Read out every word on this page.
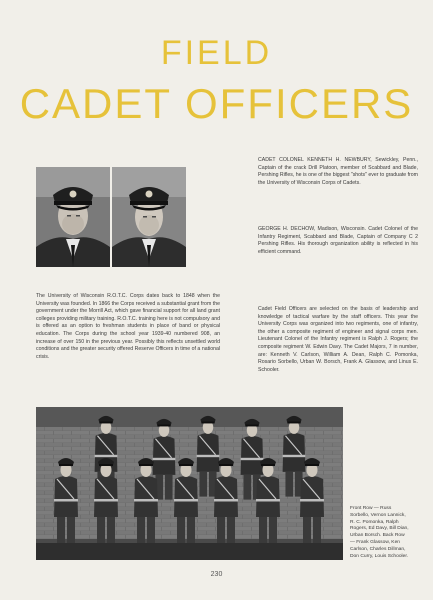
FIELD
CADET OFFICERS

CADET COLONEL KENNETH H. NEWBURY, Sewickley, Penn., Captain of the crack Drill Platoon, member of Scabbard and Blade, Pershing Rifles, he is one of the biggest "shots" ever to graduate from the University of Wisconsin Corps of Cadets.

GEORGE H. DECHOW, Madison, Wisconsin. Cadet Colonel of the Infantry Regiment, Scabbard and Blade, Captain of Company C 2 Pershing Rifles. His thorough organization ability is reflected in his efficient command.

The University of Wisconsin R.O.T.C. Corps dates back to 1848 when the University was founded. In 1866 the Corps received a substantial grant from the government under the Morrill Act, which gave financial support for all land grant colleges providing military training. R.O.T.C. training here is not compulsory and is offered as an option to freshman students in place of band or physical education. The Corps during the school year 1939-40 numbered 908, an increase of over 150 in the previous year. Possibly this reflects unsettled world conditions and the greater security offered Reserve Officers in time of a national crisis.

Cadet Field Officers are selected on the basis of leadership and knowledge of tactical warfare by the staff officers. This year the University Corps was organized into two regiments, one of infantry, the other a composite regiment of engineer and signal corps men. Lieutenant Colonel of the Infantry regiment is Ralph J. Rogers; the composite regiment W. Edwin Davy. The Cadet Majors, 7 in number, are: Kenneth V. Carlson, William A. Dean, Ralph C. Pomonka, Rosario Sorbello, Urban W. Borsch, Frank A. Glassow, and Linus E. Schooler.

Front Row — Russ Sorbello, Vernon Lannick, R. C. Pomonka, Ralph Rogers, Ed Davy, Bill Dian, Urban Borsch. Back Row — Frank Glassow, Ken Carlson, Charles Dillman, Don Curry, Louis Schooler.

230
